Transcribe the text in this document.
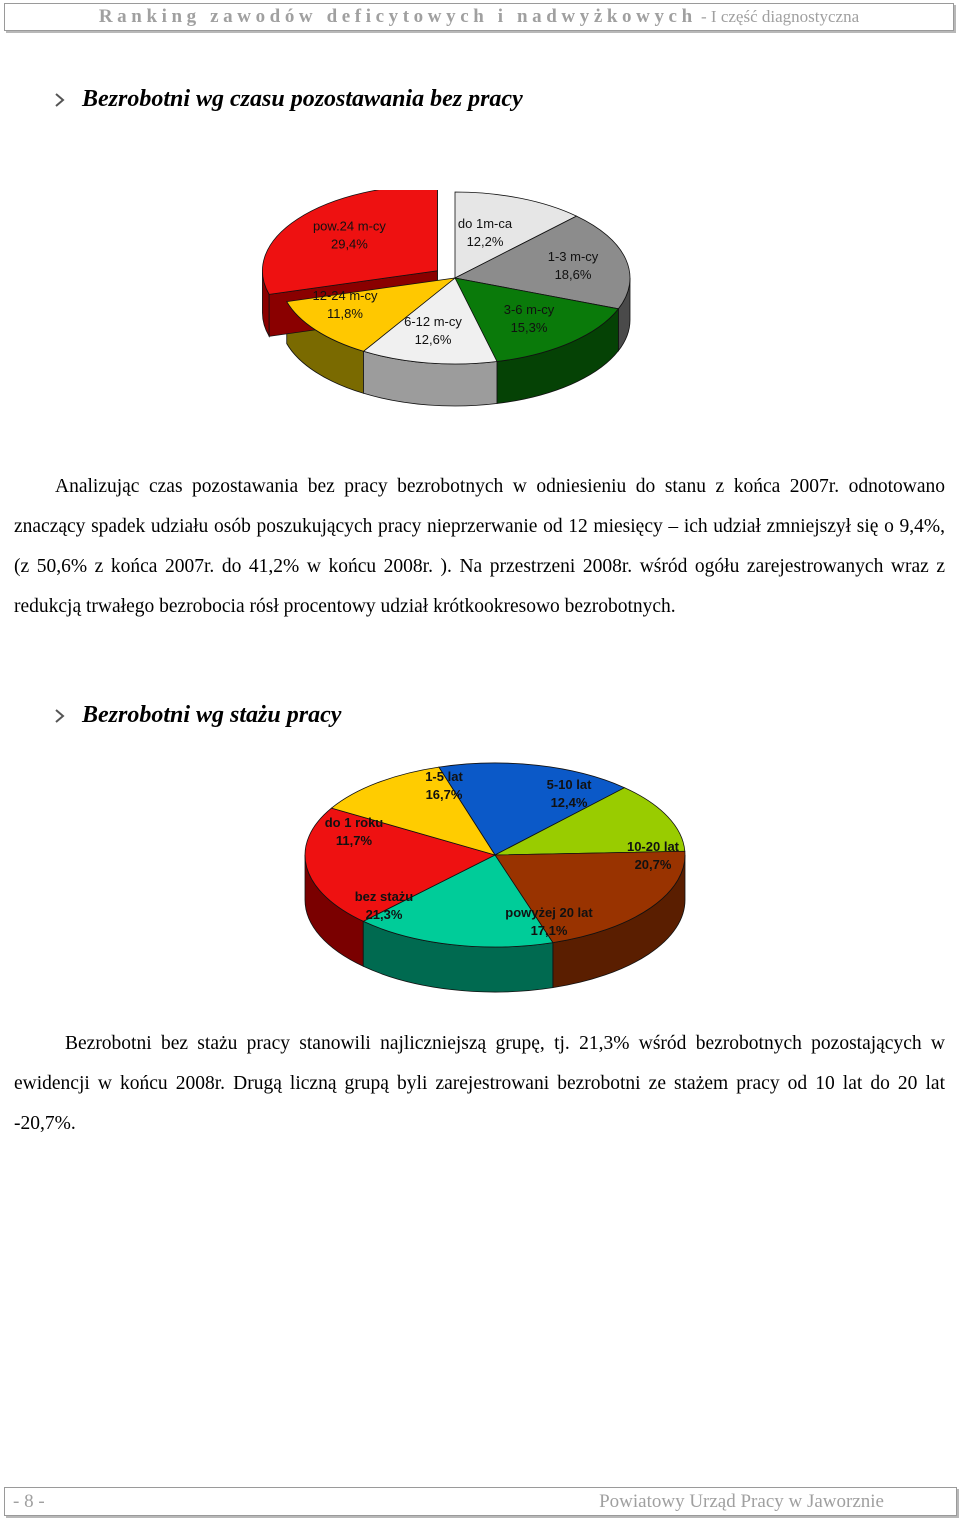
Ranking zawodów deficytowych i nadwyżkowych - I część diagnostyczna
Bezrobotni wg czasu pozostawania bez pracy
do 1m-ca
12,2%
1-3 m-cy
18,6%
3-6 m-cy
15,3%
6-12 m-cy
12,6%
12-24 m-cy
11,8%
pow.24 m-cy
29,4%

Analizując czas pozostawania bez pracy bezrobotnych w odniesieniu do stanu z końca 2007r. odnotowano znaczący spadek udziału osób poszukujących pracy nieprzerwanie od 12 miesięcy – ich udział zmniejszył się o 9,4%, (z 50,6% z końca 2007r. do 41,2% w końcu 2008r. ). Na przestrzeni 2008r. wśród ogółu zarejestrowanych wraz z redukcją trwałego bezrobocia rósł procentowy udział krótkookresowo bezrobotnych.

Bezrobotni wg stażu pracy
1-5 lat
16,7%
5-10 lat
12,4%
10-20 lat
20,7%
powyżej 20 lat
17,1%
bez stażu
21,3%
do 1 roku
11,7%

Bezrobotni bez stażu pracy stanowili najliczniejszą grupę, tj. 21,3% wśród bezrobotnych pozostających w ewidencji w końcu 2008r. Drugą liczną grupą byli zarejestrowani bezrobotni ze stażem pracy od 10 lat do 20 lat -20,7%.

- 8 -	Powiatowy Urząd Pracy w Jaworznie
